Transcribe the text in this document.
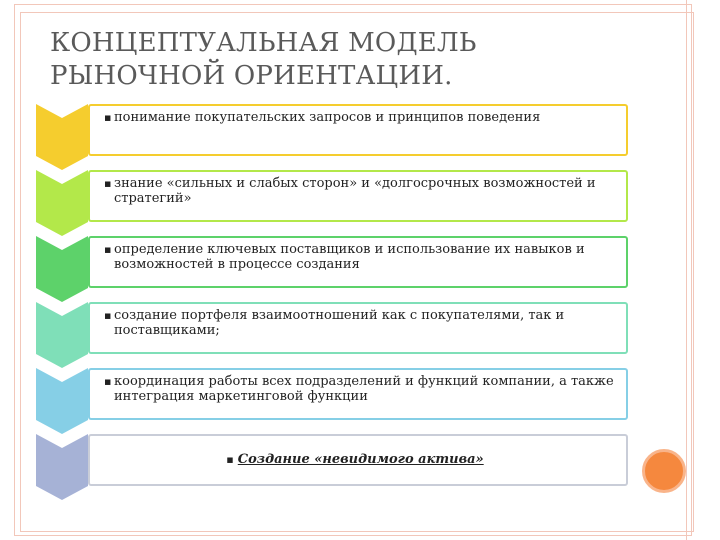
КОНЦЕПТУАЛЬНАЯ МОДЕЛЬ
РЫНОЧНОЙ ОРИЕНТАЦИИ.
▪ понимание покупательских запросов и принципов поведения
▪ знание «сильных и слабых сторон» и «долгосрочных возможностей и стратегий»
▪ определение ключевых поставщиков и использование их навыков и возможностей в процессе создания
▪ создание портфеля взаимоотношений как с покупателями, так и поставщиками;
▪ координация работы всех подразделений и функций компании, а также интеграция маркетинговой функции
▪ Создание «невидимого актива»
